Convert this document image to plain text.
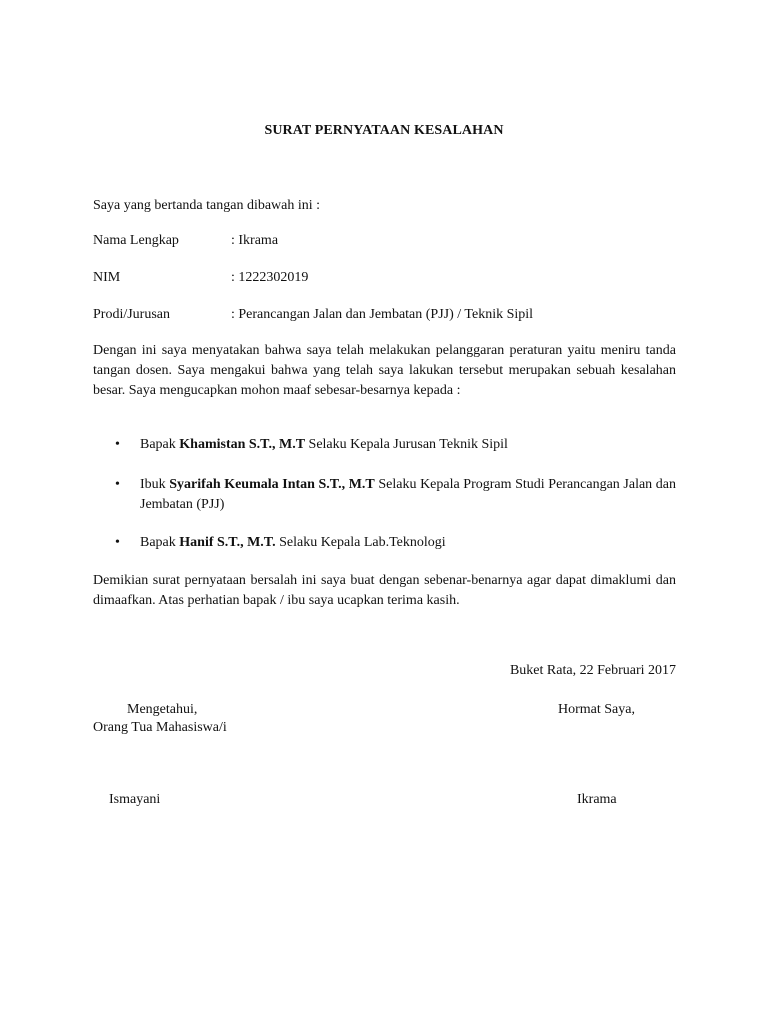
SURAT PERNYATAAN KESALAHAN
Saya yang bertanda tangan dibawah ini :
Nama Lengkap	: Ikrama
NIM	: 1222302019
Prodi/Jurusan	: Perancangan Jalan dan Jembatan (PJJ) / Teknik Sipil
Dengan ini saya menyatakan bahwa saya telah melakukan pelanggaran peraturan yaitu meniru tanda tangan dosen. Saya mengakui bahwa yang telah saya lakukan tersebut merupakan sebuah kesalahan besar. Saya mengucapkan mohon maaf sebesar-besarnya kepada :
•	Bapak Khamistan S.T., M.T Selaku Kepala Jurusan Teknik Sipil
•	Ibuk Syarifah Keumala Intan S.T., M.T Selaku Kepala Program Studi Perancangan Jalan dan Jembatan (PJJ)
•	Bapak Hanif S.T., M.T. Selaku Kepala Lab.Teknologi
Demikian surat pernyataan bersalah ini saya buat dengan sebenar-benarnya agar dapat dimaklumi dan dimaafkan. Atas perhatian bapak / ibu saya ucapkan terima kasih.
Buket Rata, 22 Februari 2017
Mengetahui,
Orang Tua Mahasiswa/i
Hormat Saya,
Ismayani	Ikrama
